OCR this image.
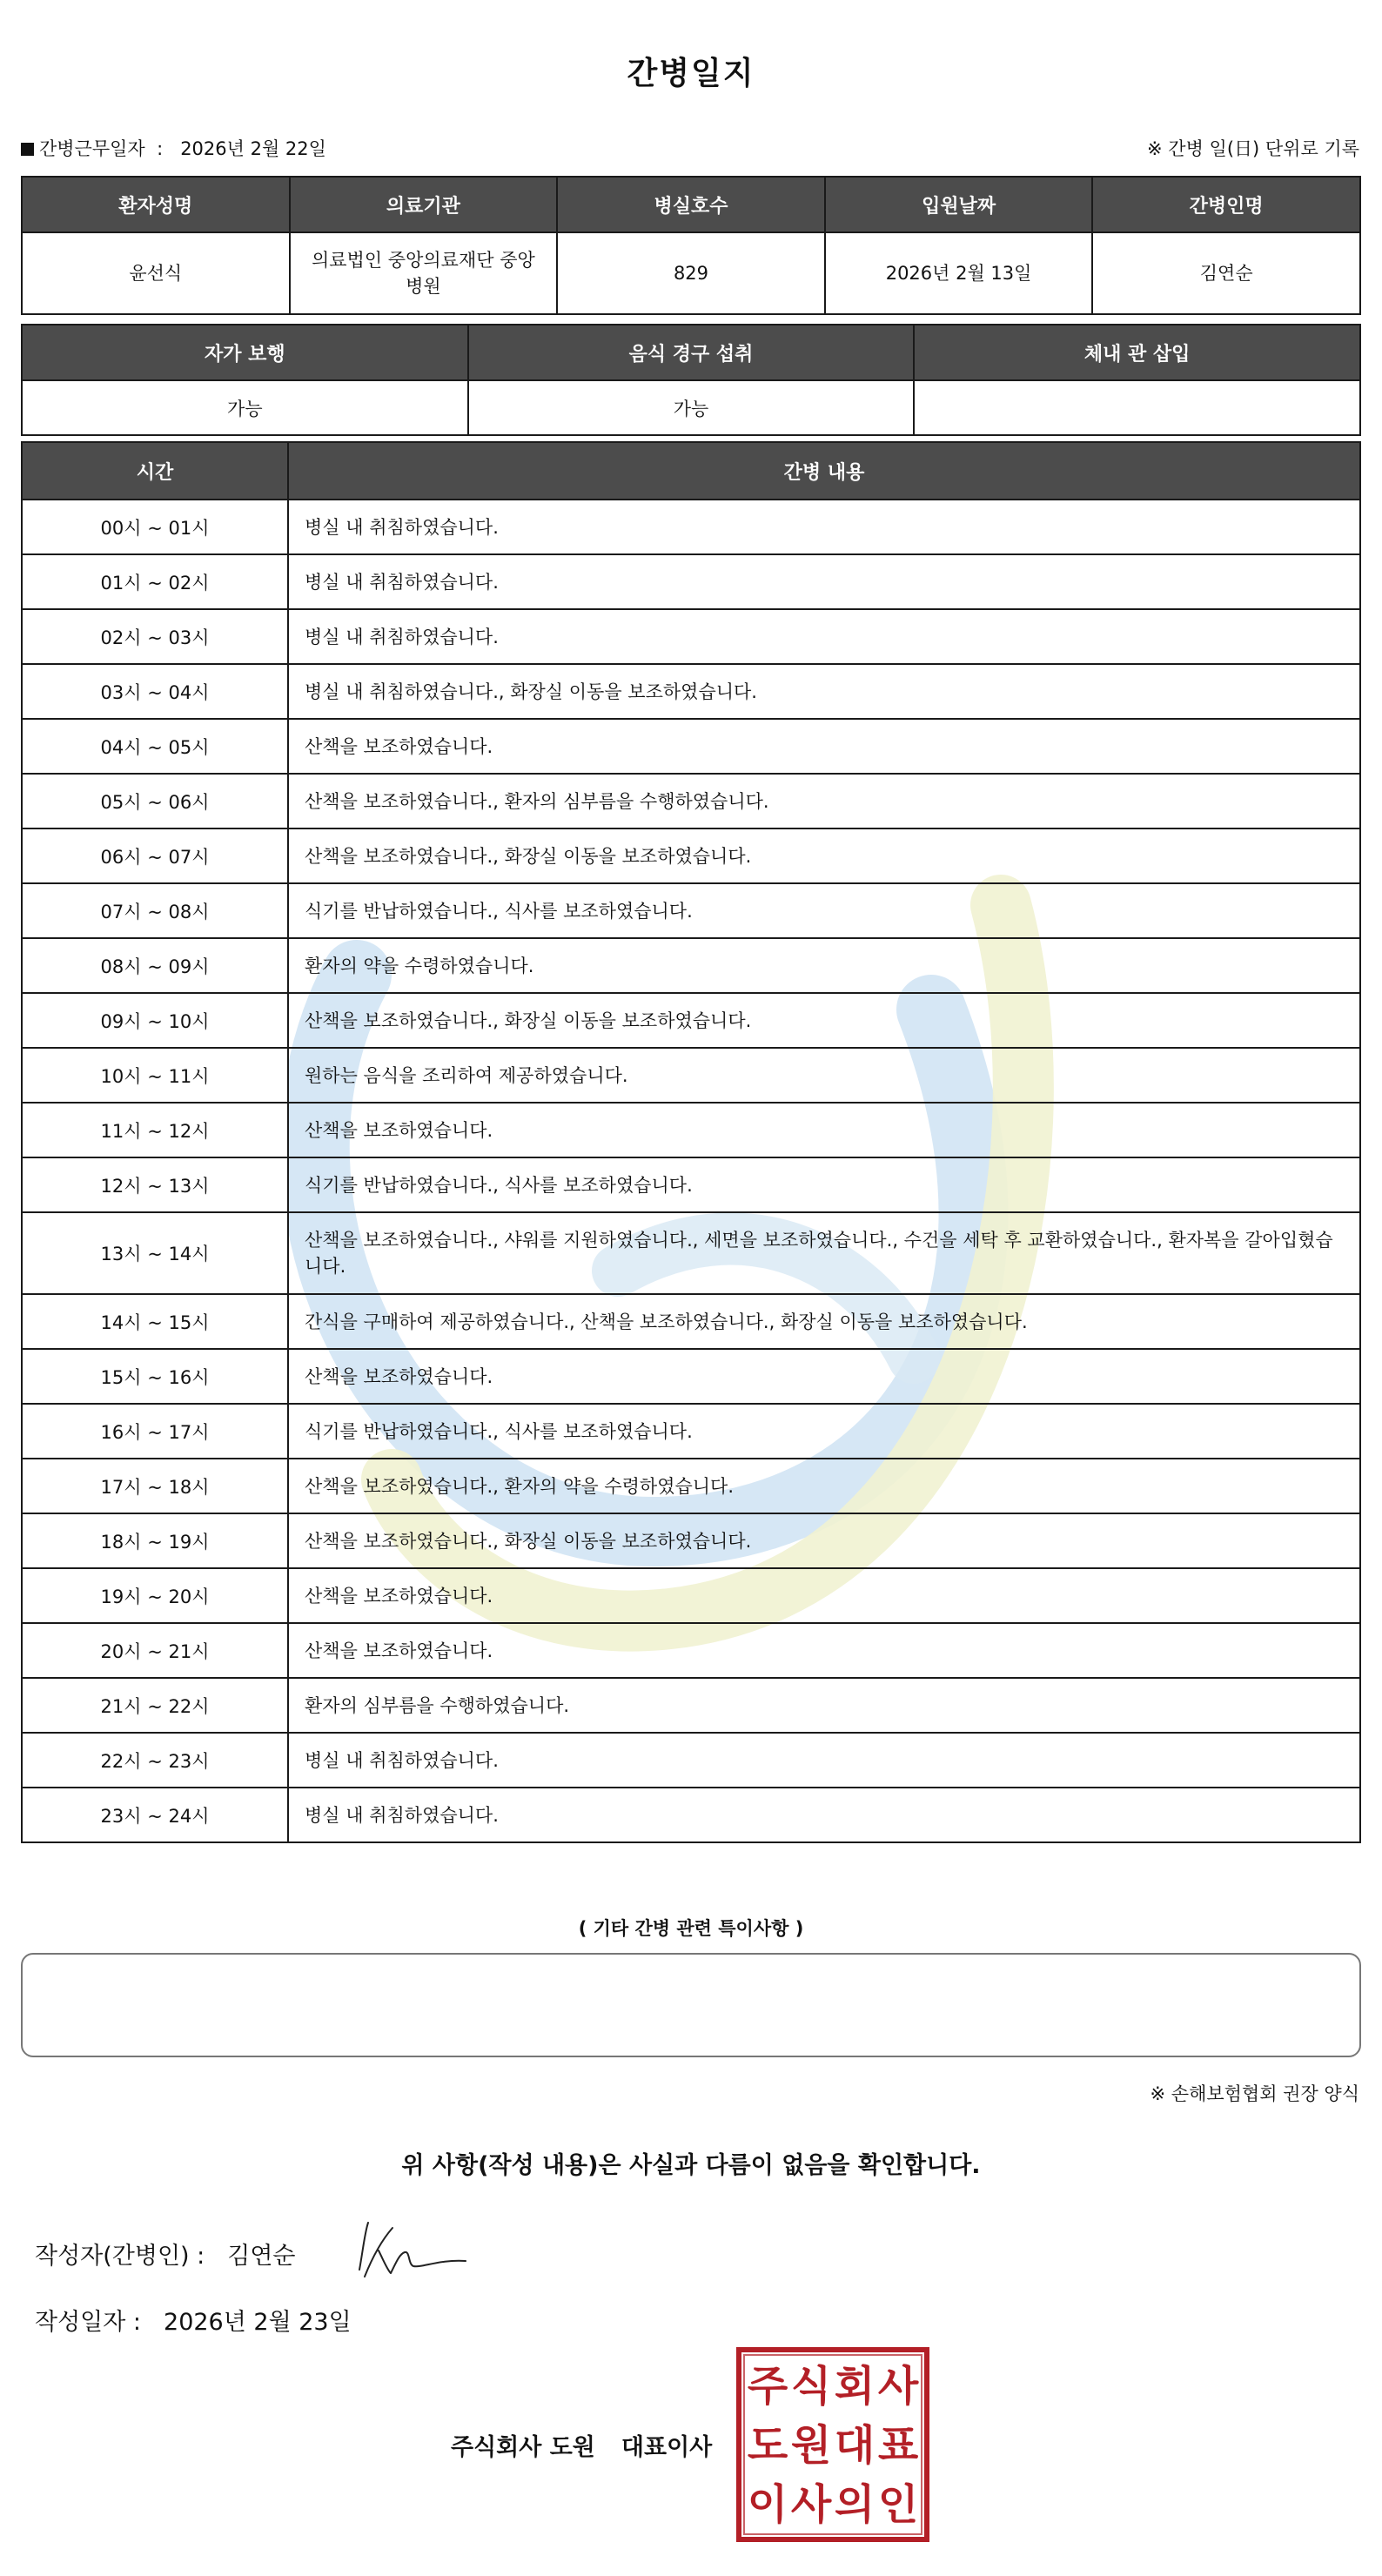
간병일지
간병근무일자 : 2026년 2월 22일	※ 간병 일(日) 단위로 기록
환자성명	의료기관	병실호수	입원날짜	간병인명
윤선식	의료법인 중앙의료재단 중앙 병원	829	2026년 2월 13일	김연순
자가 보행	음식 경구 섭취	체내 관 삽입
가능	가능	
시간	간병 내용
00시 ~ 01시	병실 내 취침하였습니다.
01시 ~ 02시	병실 내 취침하였습니다.
02시 ~ 03시	병실 내 취침하였습니다.
03시 ~ 04시	병실 내 취침하였습니다., 화장실 이동을 보조하였습니다.
04시 ~ 05시	산책을 보조하였습니다.
05시 ~ 06시	산책을 보조하였습니다., 환자의 심부름을 수행하였습니다.
06시 ~ 07시	산책을 보조하였습니다., 화장실 이동을 보조하였습니다.
07시 ~ 08시	식기를 반납하였습니다., 식사를 보조하였습니다.
08시 ~ 09시	환자의 약을 수령하였습니다.
09시 ~ 10시	산책을 보조하였습니다., 화장실 이동을 보조하였습니다.
10시 ~ 11시	원하는 음식을 조리하여 제공하였습니다.
11시 ~ 12시	산책을 보조하였습니다.
12시 ~ 13시	식기를 반납하였습니다., 식사를 보조하였습니다.
13시 ~ 14시	산책을 보조하였습니다., 샤워를 지원하였습니다., 세면을 보조하였습니다., 수건을 세탁 후 교환하였습니다., 환자복을 갈아입혔습니다.
14시 ~ 15시	간식을 구매하여 제공하였습니다., 산책을 보조하였습니다., 화장실 이동을 보조하였습니다.
15시 ~ 16시	산책을 보조하였습니다.
16시 ~ 17시	식기를 반납하였습니다., 식사를 보조하였습니다.
17시 ~ 18시	산책을 보조하였습니다., 환자의 약을 수령하였습니다.
18시 ~ 19시	산책을 보조하였습니다., 화장실 이동을 보조하였습니다.
19시 ~ 20시	산책을 보조하였습니다.
20시 ~ 21시	산책을 보조하였습니다.
21시 ~ 22시	환자의 심부름을 수행하였습니다.
22시 ~ 23시	병실 내 취침하였습니다.
23시 ~ 24시	병실 내 취침하였습니다.
( 기타 간병 관련 특이사항 )
※ 손해보험협회 권장 양식
위 사항(작성 내용)은 사실과 다름이 없음을 확인합니다.
작성자(간병인) : 김연순
작성일자 : 2026년 2월 23일
주식회사 도원 대표이사
주 식 회 사
도 원 대 표
이 사 의 인
